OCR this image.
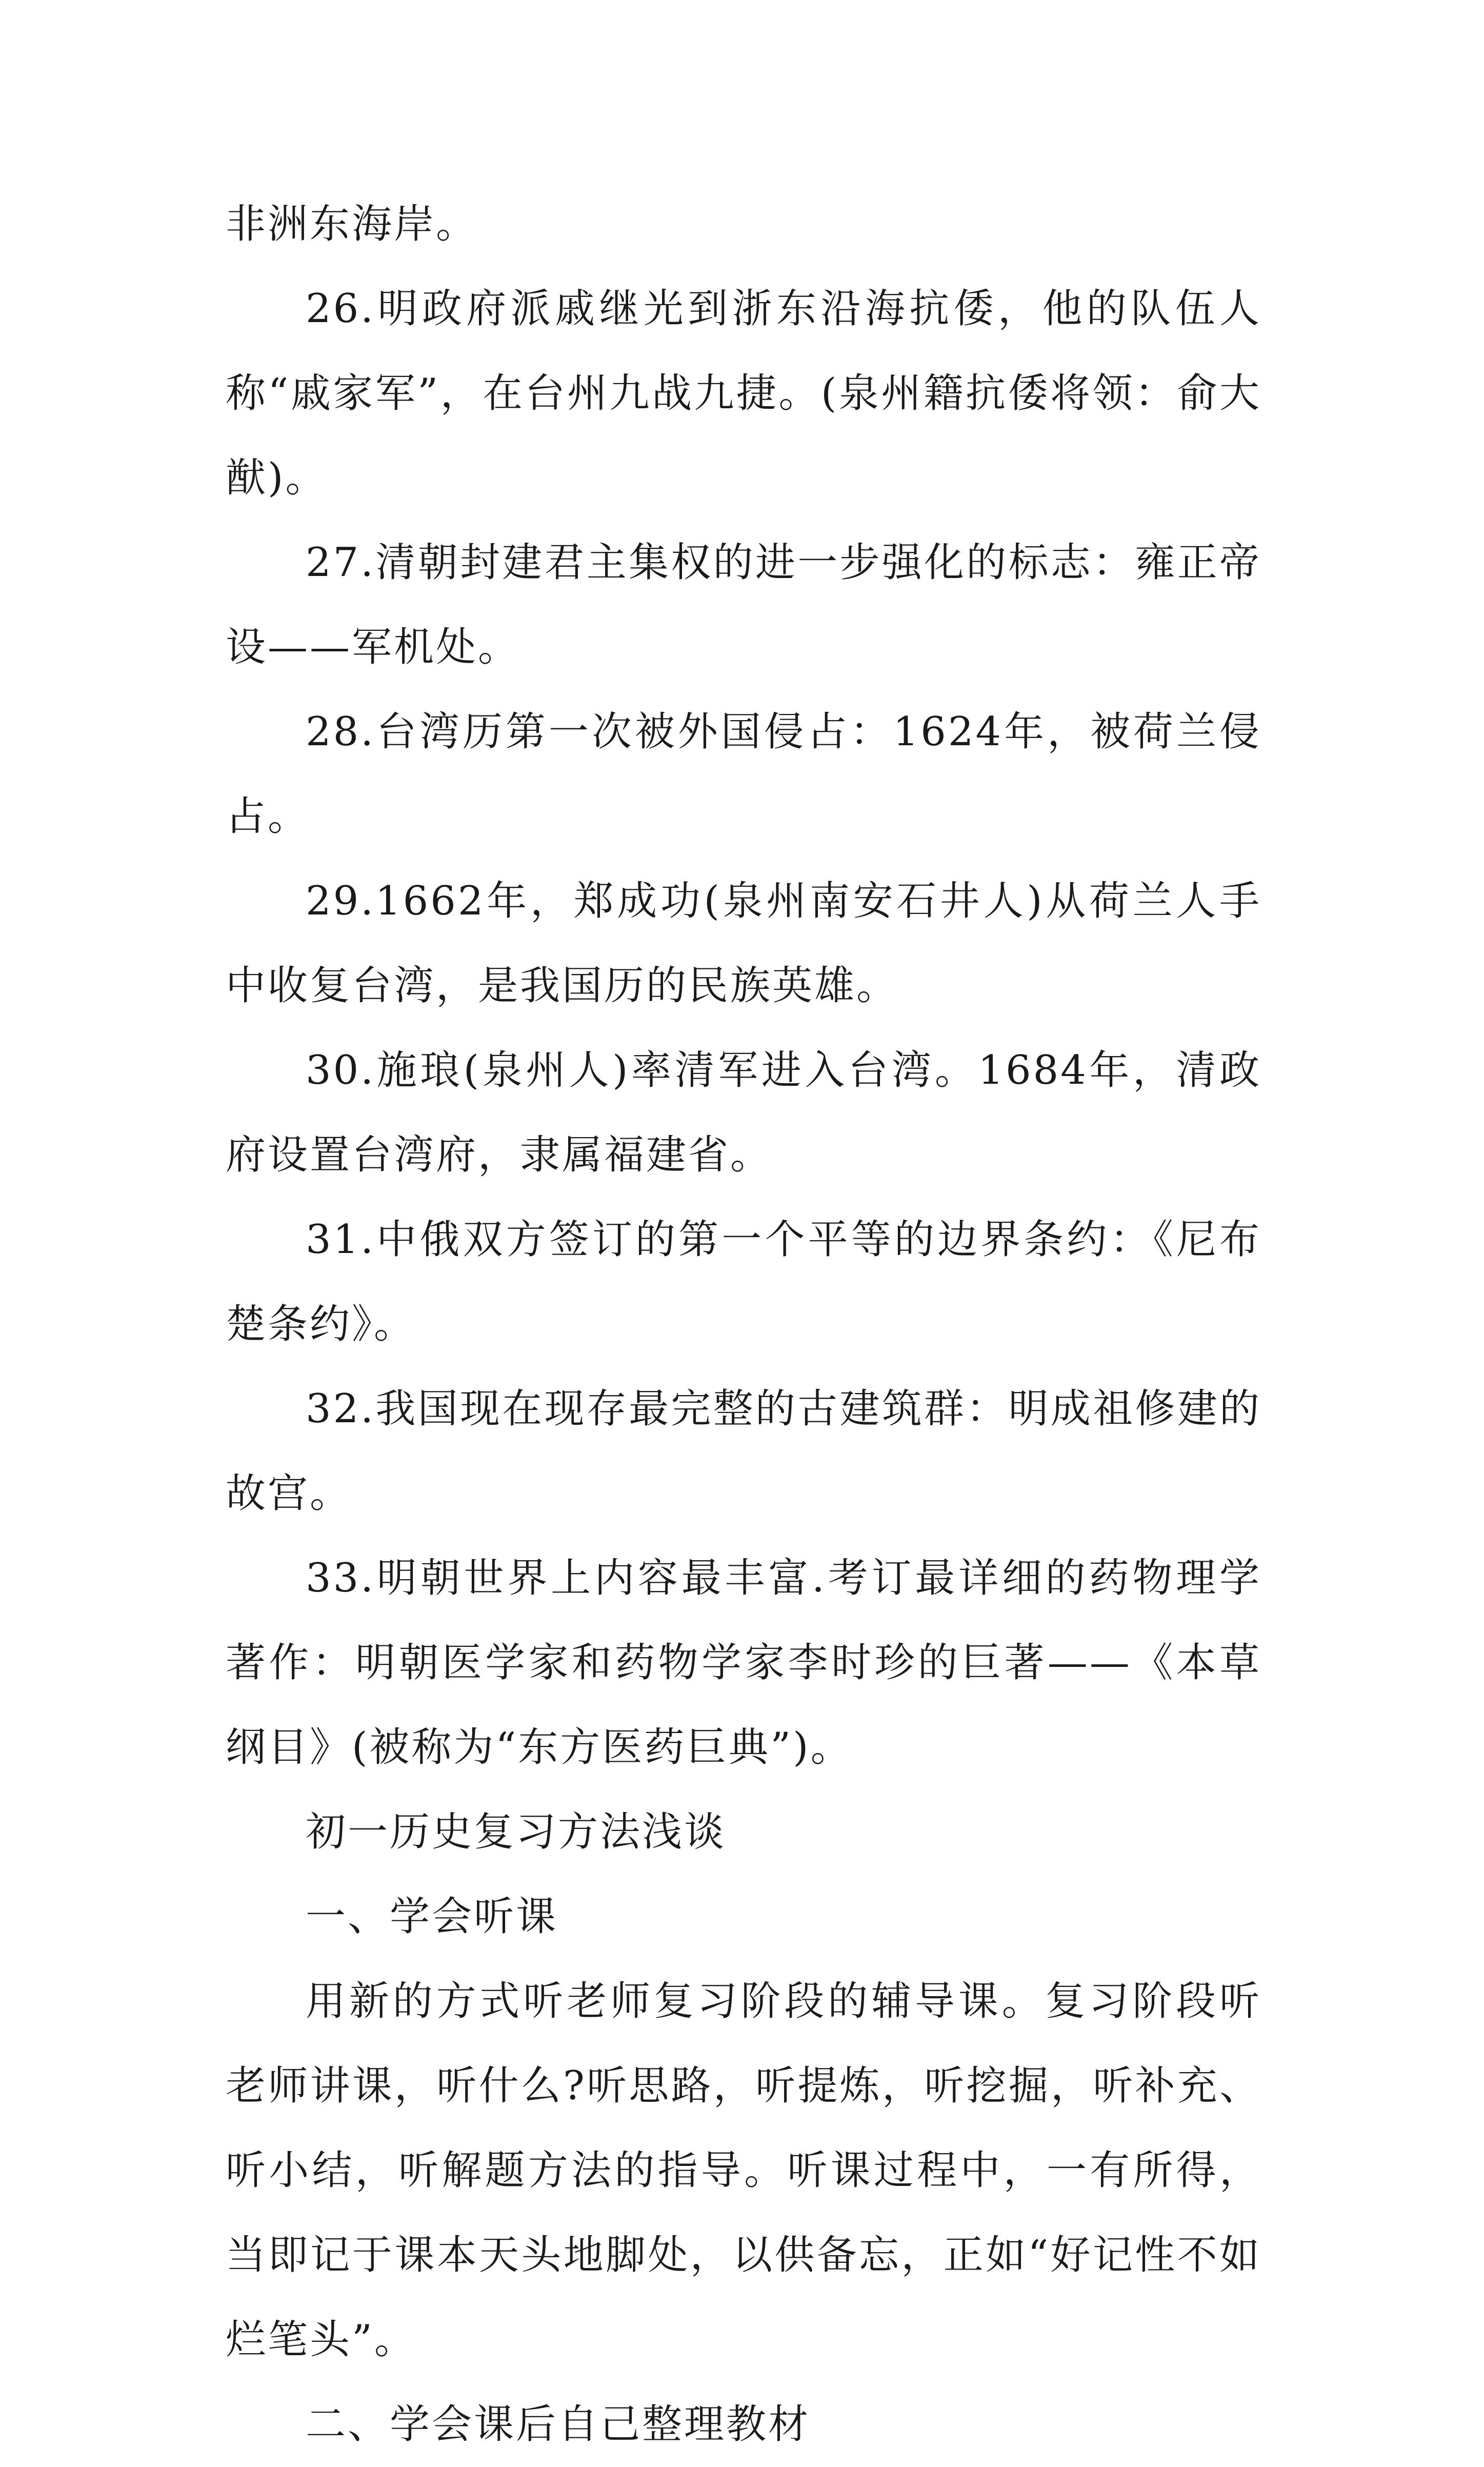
非洲东海岸。

26.明政府派戚继光到浙东沿海抗倭，他的队伍人称“戚家军”，在台州九战九捷。(泉州籍抗倭将领：俞大猷)。

27.清朝封建君主集权的进一步强化的标志：雍正帝设——军机处。

28.台湾历第一次被外国侵占：1624年，被荷兰侵占。

29.1662年，郑成功(泉州南安石井人)从荷兰人手中收复台湾，是我国历的民族英雄。

30.施琅(泉州人)率清军进入台湾。1684年，清政府设置台湾府，隶属福建省。

31.中俄双方签订的第一个平等的边界条约：《尼布楚条约》。

32.我国现在现存最完整的古建筑群：明成祖修建的故宫。

33.明朝世界上内容最丰富.考订最详细的药物理学著作：明朝医学家和药物学家李时珍的巨著——《本草纲目》(被称为“东方医药巨典”)。

初一历史复习方法浅谈

一、学会听课

用新的方式听老师复习阶段的辅导课。复习阶段听老师讲课，听什么?听思路，听提炼，听挖掘，听补充、听小结，听解题方法的指导。听课过程中，一有所得，当即记于课本天头地脚处，以供备忘，正如“好记性不如烂笔头”。

二、学会课后自己整理教材
